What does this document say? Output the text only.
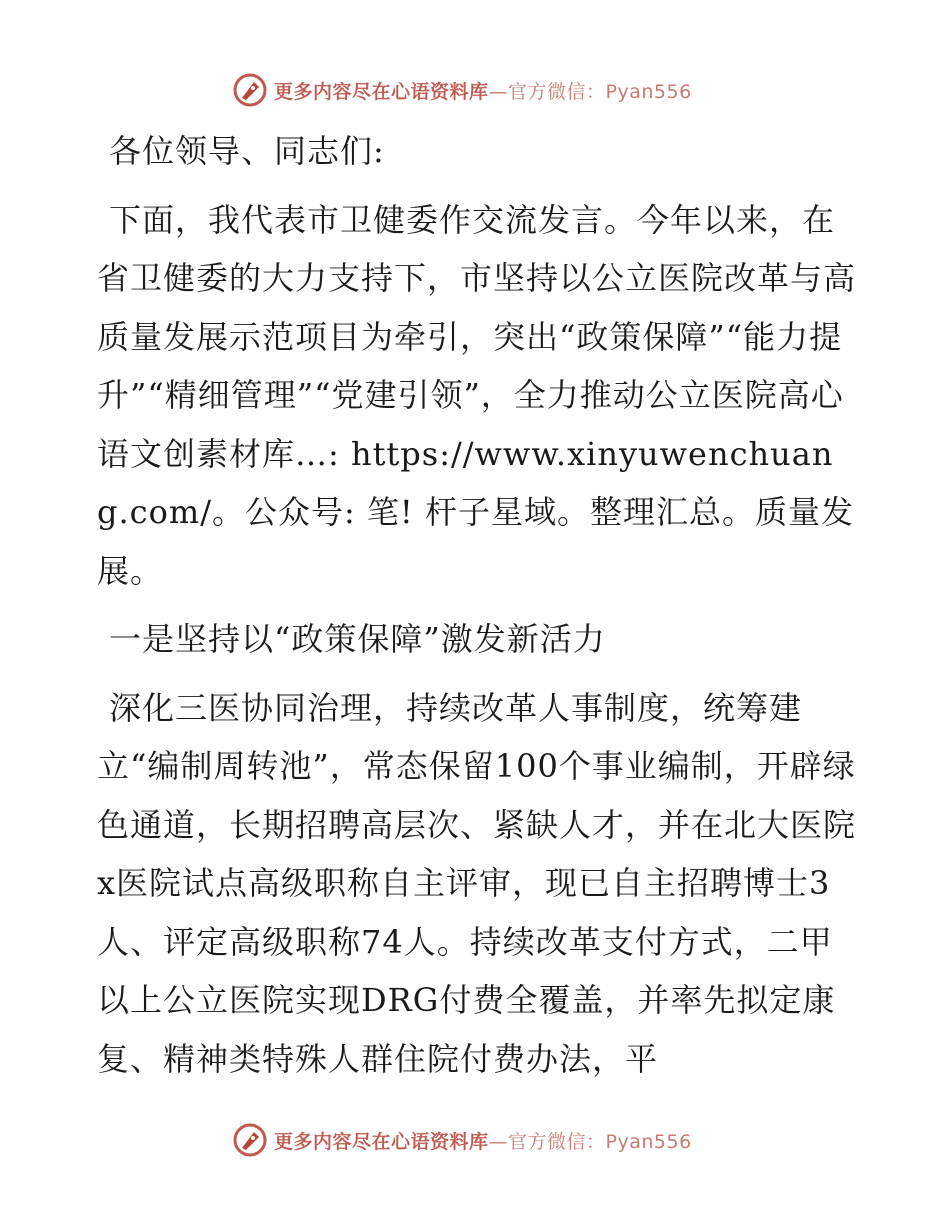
更多内容尽在心语资料库—官方微信：Pyan556

各位领导、同志们:

下面，我代表市卫健委作交流发言。今年以来，在省卫健委的大力支持下，市坚持以公立医院改革与高质量发展示范项目为牵引，突出“政策保障”“能力提升”“精细管理”“党建引领”，全力推动公立医院高心语文创素材库…: https://www.xinyuwenchuang.com/。公众号: 笔! 杆子星域。整理汇总。质量发展。

一是坚持以“政策保障”激发新活力

深化三医协同治理，持续改革人事制度，统筹建立“编制周转池”，常态保留100个事业编制，开辟绿色通道，长期招聘高层次、紧缺人才，并在北大医院x医院试点高级职称自主评审，现已自主招聘博士3人、评定高级职称74人。持续改革支付方式，二甲以上公立医院实现DRG付费全覆盖，并率先拟定康复、精神类特殊人群住院付费办法，平

更多内容尽在心语资料库—官方微信：Pyan556
